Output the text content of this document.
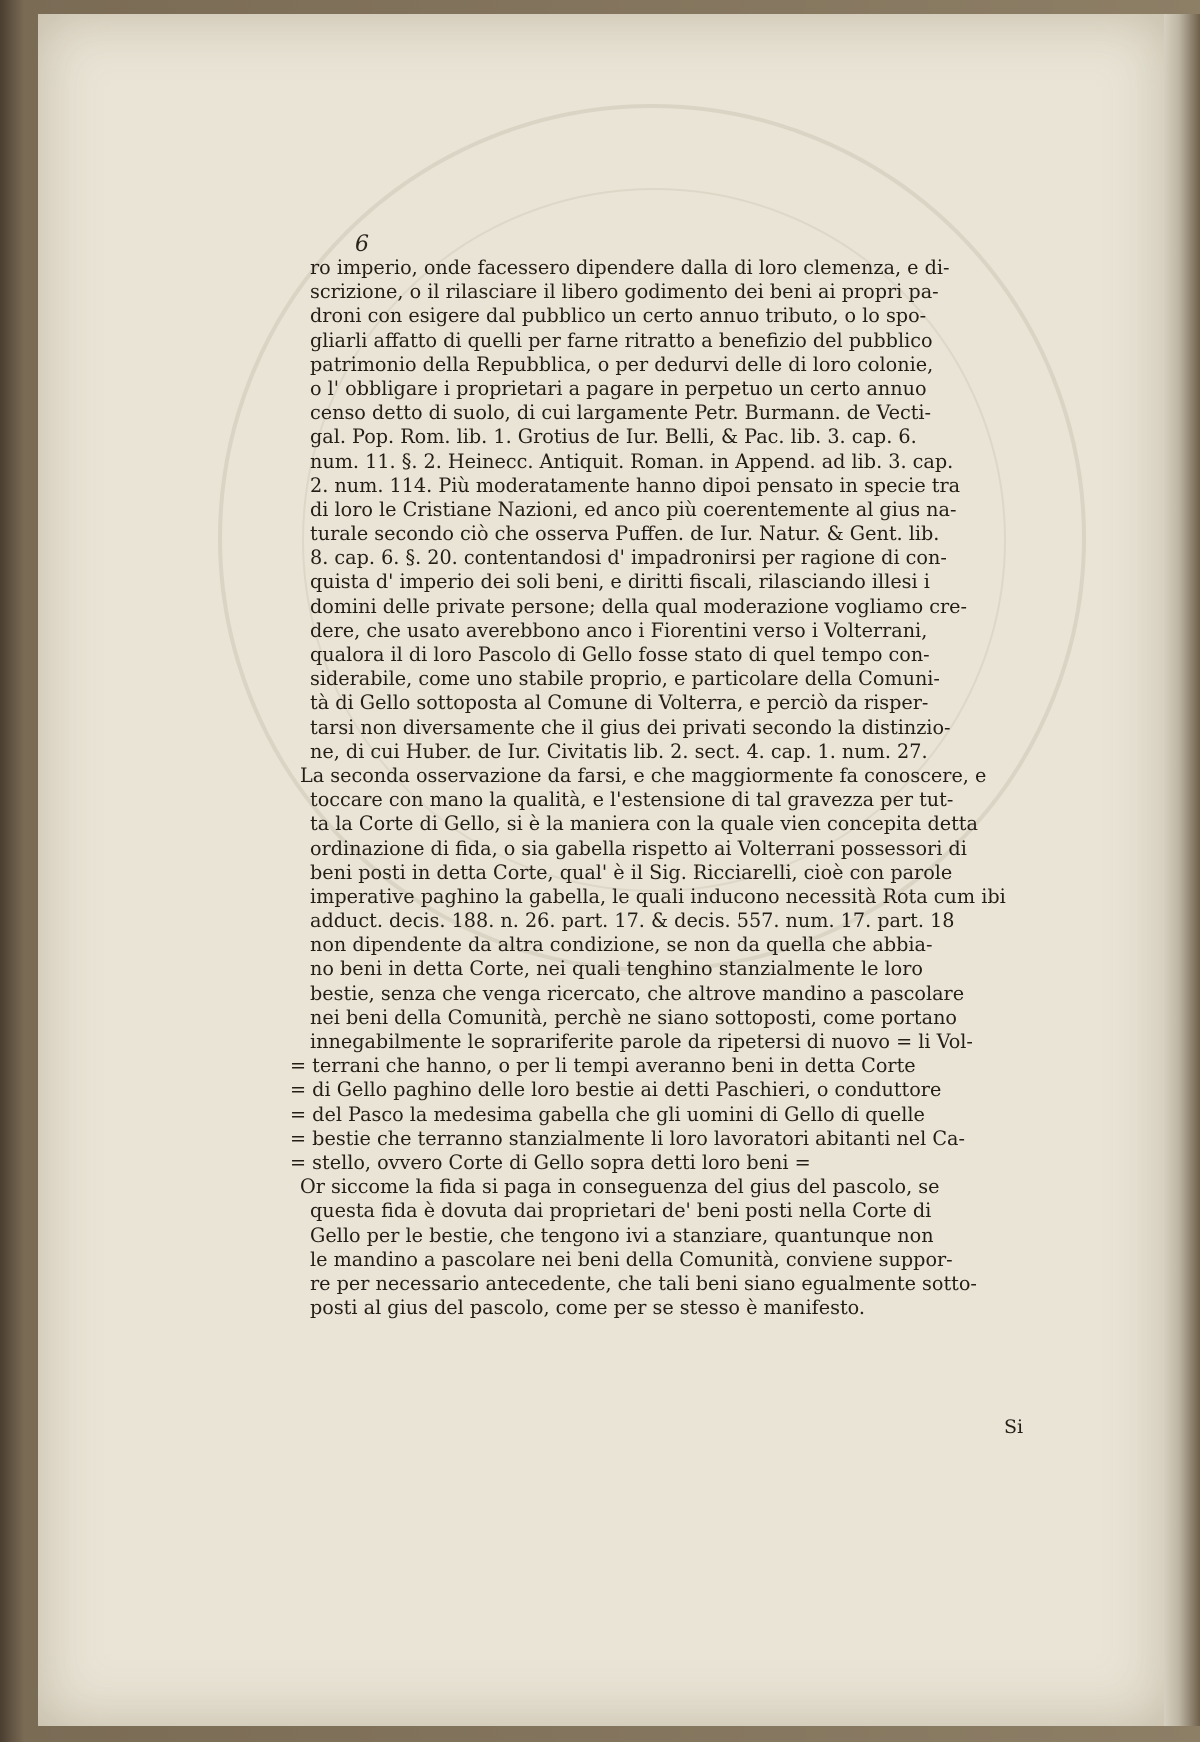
6
ro imperio, onde facessero dipendere dalla di loro clemenza, e di-
scrizione, o il rilasciare il libero godimento dei beni ai propri pa-
droni con esigere dal pubblico un certo annuo tributo, o lo spo-
gliarli affatto di quelli per farne ritratto a benefizio del pubblico
patrimonio della Repubblica, o per dedurvi delle di loro colonie,
o l' obbligare i proprietari a pagare in perpetuo un certo annuo
censo detto di suolo, di cui largamente Petr. Burmann. de Vecti-
gal. Pop. Rom. lib. 1. Grotius de Iur. Belli, & Pac. lib. 3. cap. 6.
num. 11. §. 2. Heinecc. Antiquit. Roman. in Append. ad lib. 3. cap.
2. num. 114. Più moderatamente hanno dipoi pensato in specie tra
di loro le Cristiane Nazioni, ed anco più coerentemente al gius na-
turale secondo ciò che osserva Puffen. de Iur. Natur. & Gent. lib.
8. cap. 6. §. 20. contentandosi d' impadronirsi per ragione di con-
quista d' imperio dei soli beni, e diritti fiscali, rilasciando illesi i
domini delle private persone; della qual moderazione vogliamo cre-
dere, che usato averebbono anco i Fiorentini verso i Volterrani,
qualora il di loro Pascolo di Gello fosse stato di quel tempo con-
siderabile, come uno stabile proprio, e particolare della Comuni-
tà di Gello sottoposta al Comune di Volterra, e perciò da risper-
tarsi non diversamente che il gius dei privati secondo la distinzio-
ne, di cui Huber. de Iur. Civitatis lib. 2. sect. 4. cap. 1. num. 27.
La seconda osservazione da farsi, e che maggiormente fa conoscere, e
toccare con mano la qualità, e l'estensione di tal gravezza per tut-
ta la Corte di Gello, si è la maniera con la quale vien concepita detta
ordinazione di fida, o sia gabella rispetto ai Volterrani possessori di
beni posti in detta Corte, qual' è il Sig. Ricciarelli, cioè con parole
imperative paghino la gabella, le quali inducono necessità Rota cum ibi
adduct. decis. 188. n. 26. part. 17. & decis. 557. num. 17. part. 18
non dipendente da altra condizione, se non da quella che abbia-
no beni in detta Corte, nei quali tenghino stanzialmente le loro
bestie, senza che venga ricercato, che altrove mandino a pascolare
nei beni della Comunità, perchè ne siano sottoposti, come portano
innegabilmente le soprariferite parole da ripetersi di nuovo = li Vol-
= terrani che hanno, o per li tempi averanno beni in detta Corte
= di Gello paghino delle loro bestie ai detti Paschieri, o conduttore
= del Pasco la medesima gabella che gli uomini di Gello di quelle
= bestie che terranno stanzialmente li loro lavoratori abitanti nel Ca-
= stello, ovvero Corte di Gello sopra detti loro beni =
Or siccome la fida si paga in conseguenza del gius del pascolo, se
questa fida è dovuta dai proprietari de' beni posti nella Corte di
Gello per le bestie, che tengono ivi a stanziare, quantunque non
le mandino a pascolare nei beni della Comunità, conviene suppor-
re per necessario antecedente, che tali beni siano egualmente sotto-
posti al gius del pascolo, come per se stesso è manifesto.
Si
